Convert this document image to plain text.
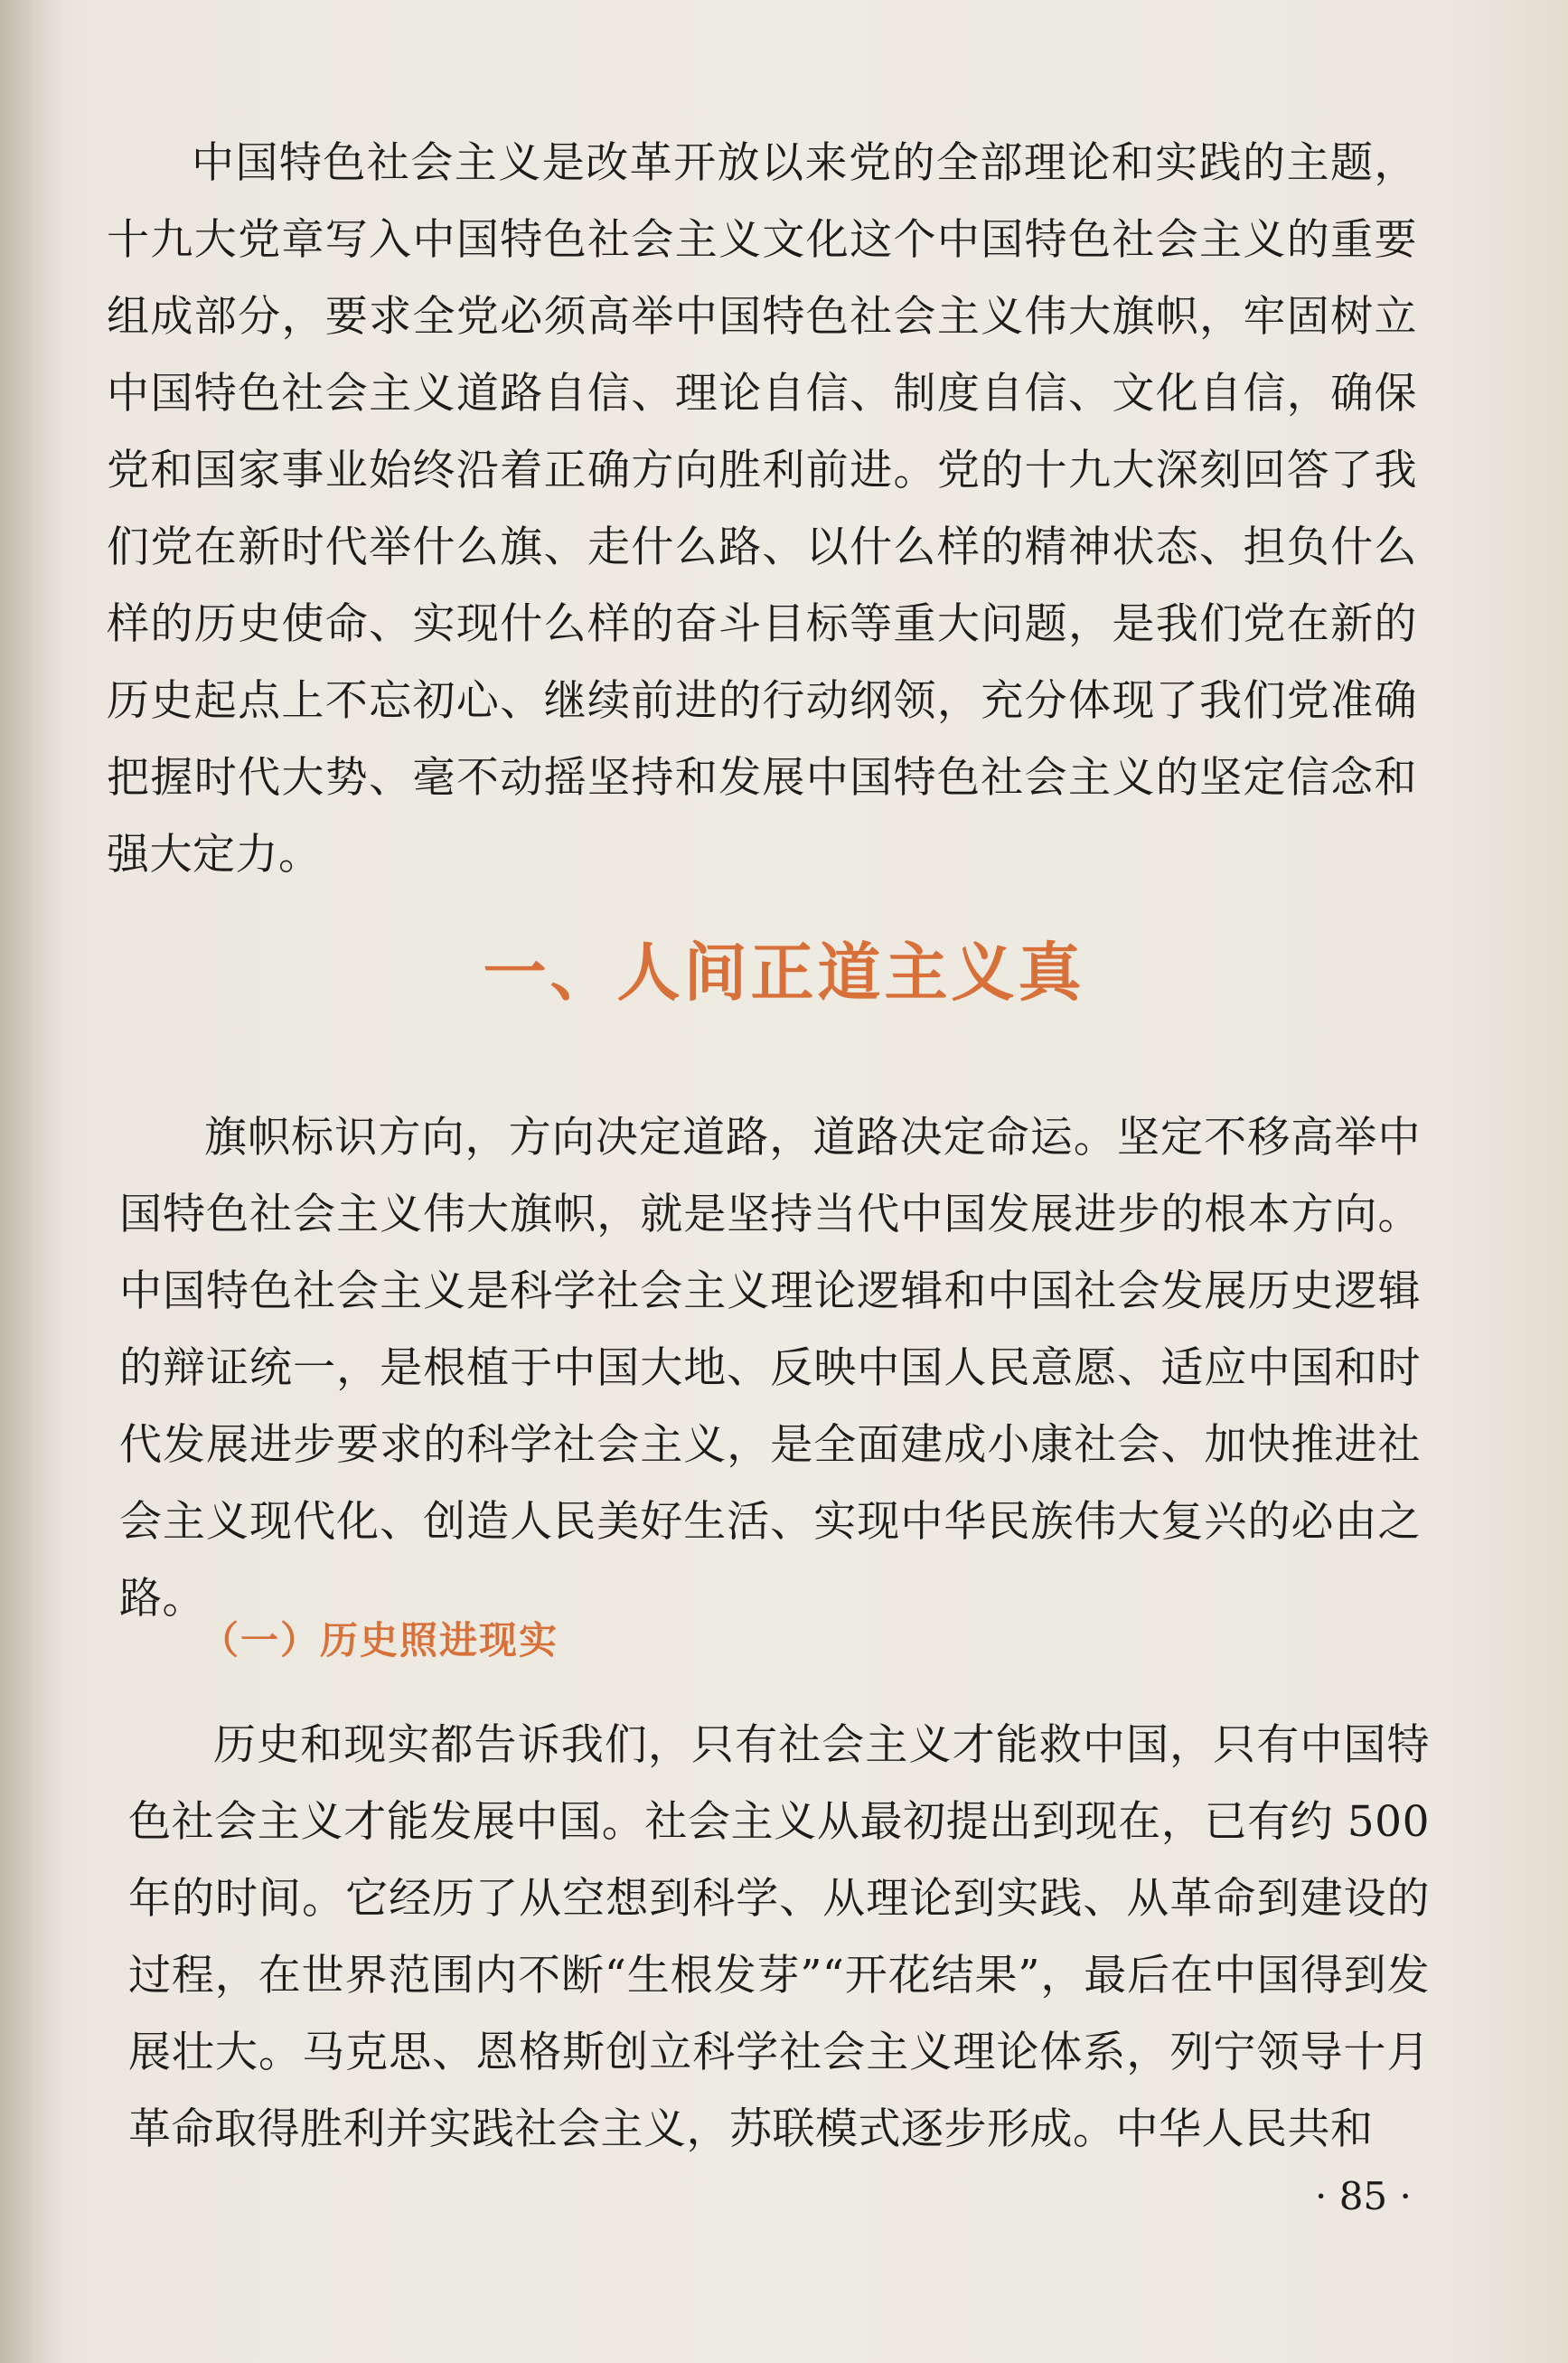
中国特色社会主义是改革开放以来党的全部理论和实践的主题，十九大党章写入中国特色社会主义文化这个中国特色社会主义的重要组成部分，要求全党必须高举中国特色社会主义伟大旗帜，牢固树立中国特色社会主义道路自信、理论自信、制度自信、文化自信，确保党和国家事业始终沿着正确方向胜利前进。党的十九大深刻回答了我们党在新时代举什么旗、走什么路、以什么样的精神状态、担负什么样的历史使命、实现什么样的奋斗目标等重大问题，是我们党在新的历史起点上不忘初心、继续前进的行动纲领，充分体现了我们党准确把握时代大势、毫不动摇坚持和发展中国特色社会主义的坚定信念和强大定力。

一、人间正道主义真

旗帜标识方向，方向决定道路，道路决定命运。坚定不移高举中国特色社会主义伟大旗帜，就是坚持当代中国发展进步的根本方向。中国特色社会主义是科学社会主义理论逻辑和中国社会发展历史逻辑的辩证统一，是根植于中国大地、反映中国人民意愿、适应中国和时代发展进步要求的科学社会主义，是全面建成小康社会、加快推进社会主义现代化、创造人民美好生活、实现中华民族伟大复兴的必由之路。

（一）历史照进现实

历史和现实都告诉我们，只有社会主义才能救中国，只有中国特色社会主义才能发展中国。社会主义从最初提出到现在，已有约 500年的时间。它经历了从空想到科学、从理论到实践、从革命到建设的过程，在世界范围内不断“生根发芽”“开花结果”，最后在中国得到发展壮大。马克思、恩格斯创立科学社会主义理论体系，列宁领导十月革命取得胜利并实践社会主义，苏联模式逐步形成。中华人民共和

· 85 ·
